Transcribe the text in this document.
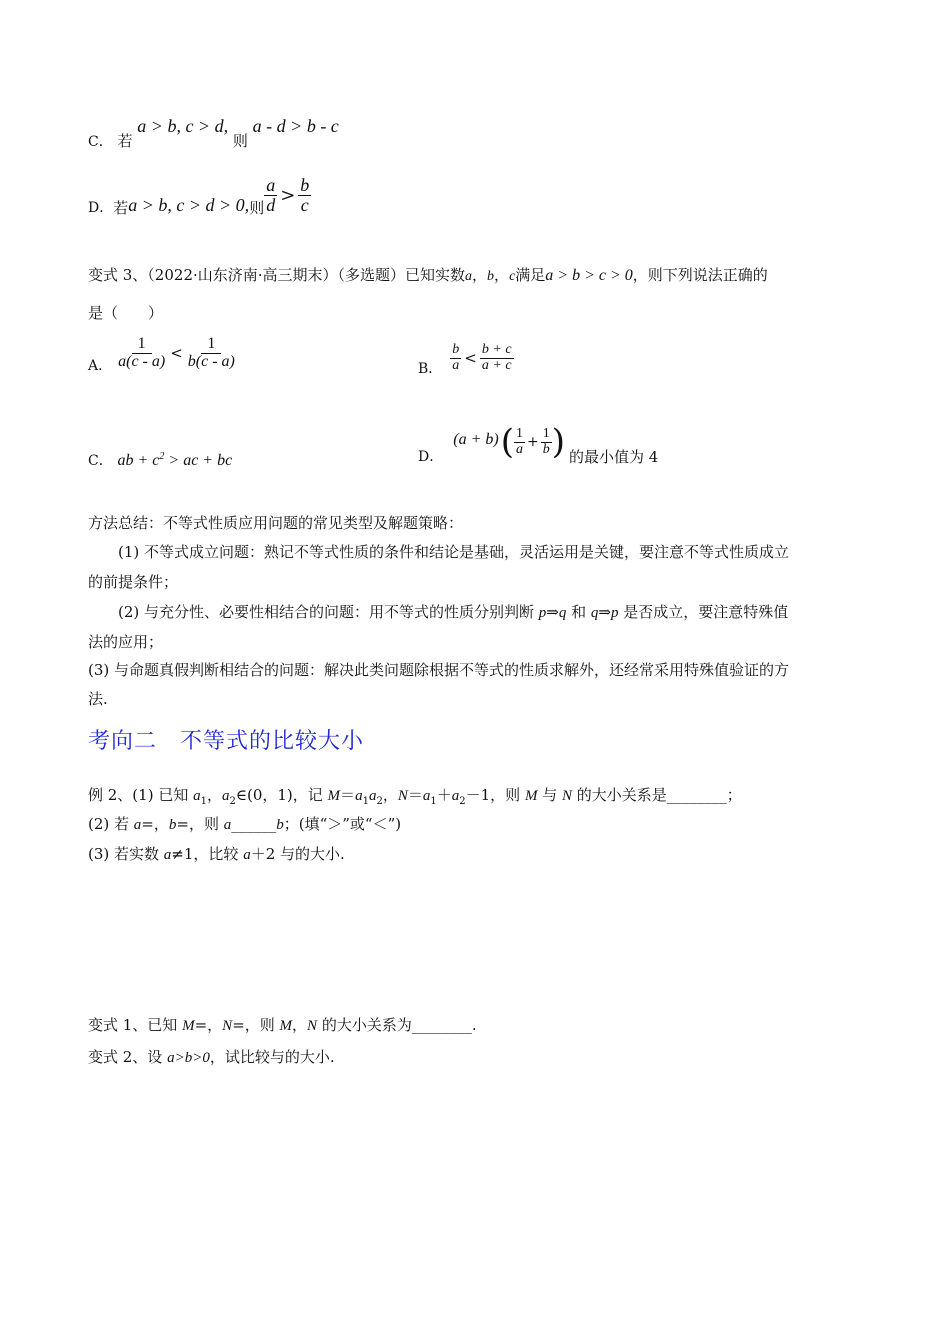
C． 若 a > b, c > d, 则 a - d > b - c
D． 若 a > b, c > d > 0, 则 $\frac{a}{d} > \frac{b}{c}$
变式 3、（2022·山东济南·高三期末）（多选题）已知实数a，b，c满足a > b > c > 0，则下列说法正确的
是（　　）
A． $\frac{1}{a(c - a)} < \frac{1}{b(c - a)}$	B． $\frac{b}{a} < \frac{b + c}{a + c}$
C． ab + $c^2$ > ac + bc	D．
(a + b) ( $\frac{1}{a} + \frac{1}{b}$ ) 的最小值为 4
方法总结：不等式性质应用问题的常见类型及解题策略：
(1) 不等式成立问题：熟记不等式性质的条件和结论是基础，灵活运用是关键，要注意不等式性质成立
的前提条件；
(2) 与充分性、必要性相结合的问题：用不等式的性质分别判断 p⇒q 和 q⇒p 是否成立，要注意特殊值
法的应用；
(3) 与命题真假判断相结合的问题：解决此类问题除根据不等式的性质求解外，还经常采用特殊值验证的方
法.
考向二　不等式的比较大小
例 2、(1) 已知 $a_1$，$a_2\in(0$，1)，记 $M=a_1a_2$，$N=a_1+a_2-1$，则 M 与 N 的大小关系是________；
(2) 若 a=，b=，则 a______b；(填“＞”或“＜”)
(3) 若实数 a≠1，比较 a＋2 与的大小.
变式 1、已知 M=，N=，则 M，N 的大小关系为________.
变式 2、设 a>b>0，试比较与的大小.
